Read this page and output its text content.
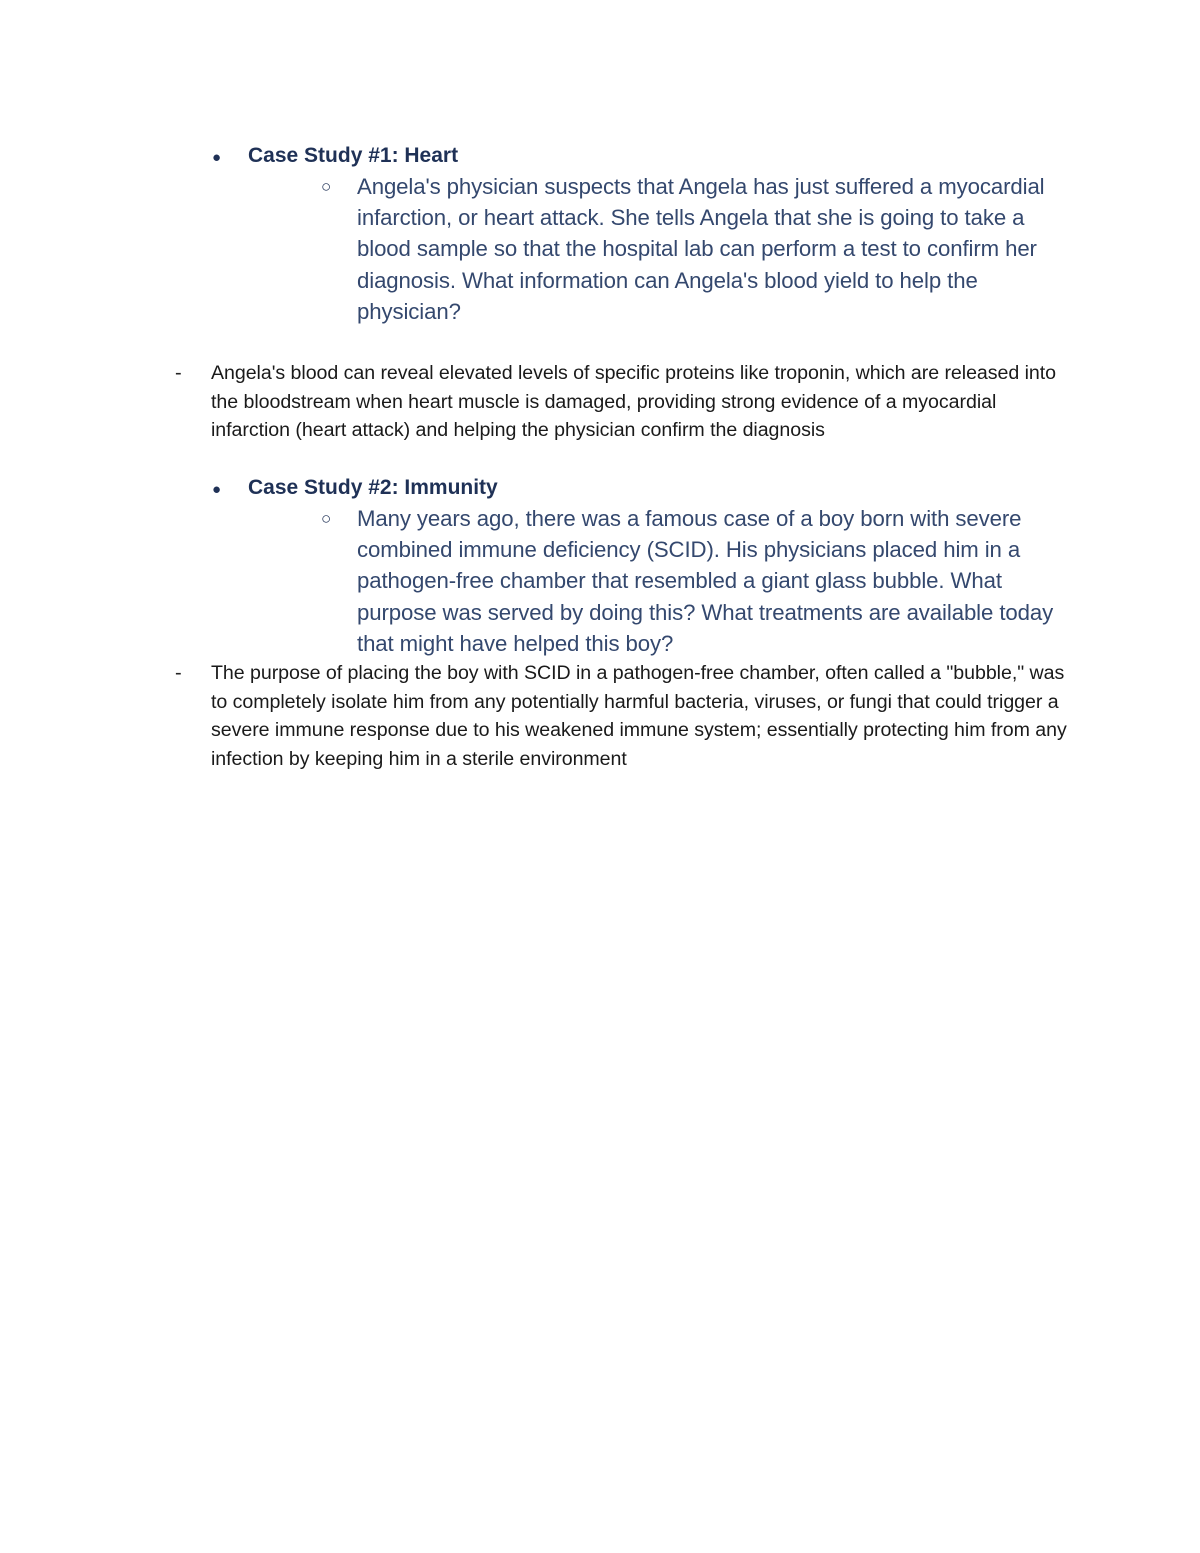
●	Case Study #1: Heart
○	Angela's physician suspects that Angela has just suffered a myocardial infarction, or heart attack. She tells Angela that she is going to take a blood sample so that the hospital lab can perform a test to confirm her diagnosis. What information can Angela's blood yield to help the physician?
-	Angela's blood can reveal elevated levels of specific proteins like troponin, which are released into the bloodstream when heart muscle is damaged, providing strong evidence of a myocardial infarction (heart attack) and helping the physician confirm the diagnosis
●	Case Study #2: Immunity
○	Many years ago, there was a famous case of a boy born with severe combined immune deficiency (SCID). His physicians placed him in a pathogen-free chamber that resembled a giant glass bubble. What purpose was served by doing this? What treatments are available today that might have helped this boy?
-	The purpose of placing the boy with SCID in a pathogen-free chamber, often called a "bubble," was to completely isolate him from any potentially harmful bacteria, viruses, or fungi that could trigger a severe immune response due to his weakened immune system; essentially protecting him from any infection by keeping him in a sterile environment
